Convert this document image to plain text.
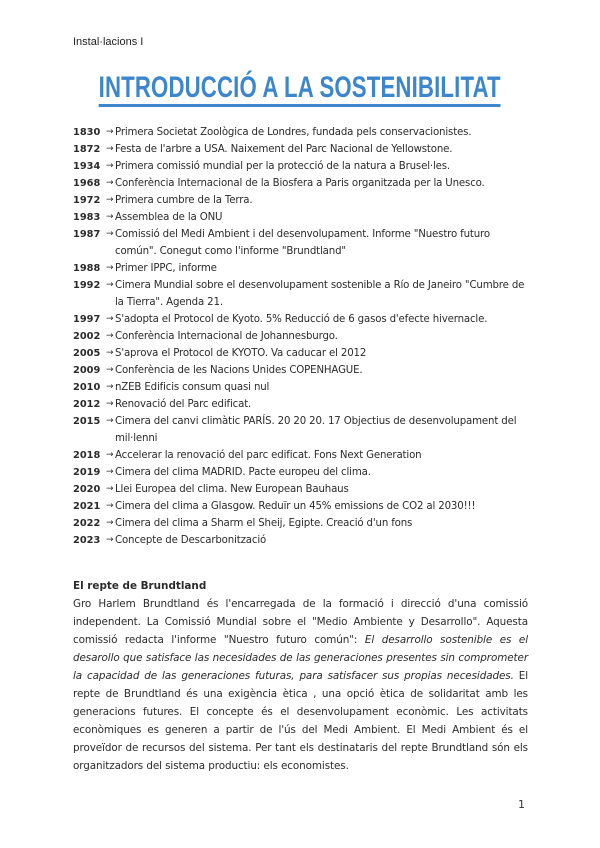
Instal·lacions I
INTRODUCCIÓ A LA SOSTENIBILITAT
1830 → Primera Societat Zoològica de Londres, fundada pels conservacionistes.
1872 → Festa de l'arbre a USA. Naixement del Parc Nacional de Yellowstone.
1934 → Primera comissió mundial per la protecció de la natura a Brusel·les.
1968 → Conferència Internacional de la Biosfera a Paris organitzada per la Unesco.
1972 → Primera cumbre de la Terra.
1983 → Assemblea de la ONU
1987 → Comissió del Medi Ambient i del desenvolupament. Informe "Nuestro futuro común". Conegut como l'informe "Brundtland"
1988 → Primer IPPC, informe
1992 → Cimera Mundial sobre el desenvolupament sostenible a Río de Janeiro "Cumbre de la Tierra". Agenda 21.
1997 → S'adopta el Protocol de Kyoto. 5% Reducció de 6 gasos d'efecte hivernacle.
2002 → Conferència Internacional de Johannesburgo.
2005 → S'aprova el Protocol de KYOTO. Va caducar el 2012
2009 → Conferència de les Nacions Unides COPENHAGUE.
2010 → nZEB Edificis consum quasi nul
2012 → Renovació del Parc edificat.
2015 → Cimera del canvi climàtic PARÍS. 20 20 20. 17 Objectius de desenvolupament del mil·lenni
2018 → Accelerar la renovació del parc edificat. Fons Next Generation
2019 → Cimera del clima MADRID. Pacte europeu del clima.
2020 → Llei Europea del clima. New European Bauhaus
2021 → Cimera del clima a Glasgow. Reduïr un 45% emissions de CO2 al 2030!!!
2022 → Cimera del clima a Sharm el Sheij, Egipte. Creació d'un fons
2023 → Concepte de Descarbonització
El repte de Brundtland

Gro Harlem Brundtland és l'encarregada de la formació i direcció d'una comissió independent. La Comissió Mundial sobre el "Medio Ambiente y Desarrollo". Aquesta comissió redacta l'informe "Nuestro futuro común": El desarrollo sostenible es el desarollo que satisface las necesidades de las generaciones presentes sin comprometer la capacidad de las generaciones futuras, para satisfacer sus propias necesidades. El repte de Brundtland és una exigència ètica , una opció ètica de solidaritat amb les generacions futures. El concepte és el desenvolupament econòmic. Les activitats econòmiques es generen a partir de l'ús del Medi Ambient. El Medi Ambient és el proveïdor de recursos del sistema. Per tant els destinataris del repte Brundtland són els organitzadors del sistema productiu: els economistes.

1
